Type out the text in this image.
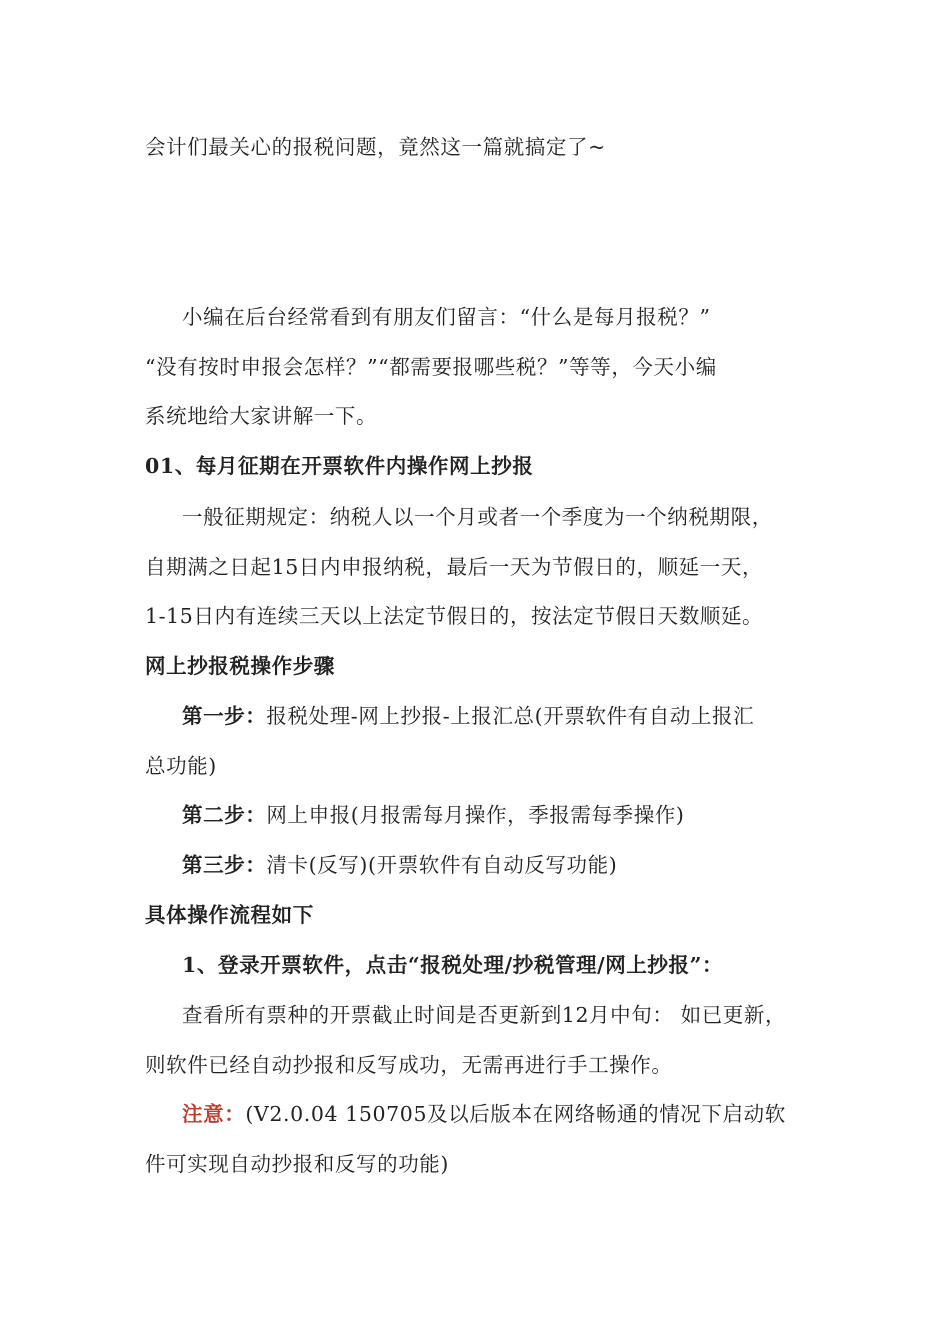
会计们最关心的报税问题，竟然这一篇就搞定了~
小编在后台经常看到有朋友们留言：“什么是每月报税？”
“没有按时申报会怎样？”“都需要报哪些税？”等等，今天小编
系统地给大家讲解一下。
01、每月征期在开票软件内操作网上抄报
一般征期规定：纳税人以一个月或者一个季度为一个纳税期限，
自期满之日起15日内申报纳税，最后一天为节假日的，顺延一天，
1-15日内有连续三天以上法定节假日的，按法定节假日天数顺延。
网上抄报税操作步骤
第一步：报税处理-网上抄报-上报汇总(开票软件有自动上报汇
总功能)
第二步：网上申报(月报需每月操作，季报需每季操作)
第三步：清卡(反写)(开票软件有自动反写功能)
具体操作流程如下
1、登录开票软件，点击“报税处理/抄税管理/网上抄报”：
查看所有票种的开票截止时间是否更新到12月中旬： 如已更新，
则软件已经自动抄报和反写成功，无需再进行手工操作。
注意：(V2.0.04 150705及以后版本在网络畅通的情况下启动软
件可实现自动抄报和反写的功能)
